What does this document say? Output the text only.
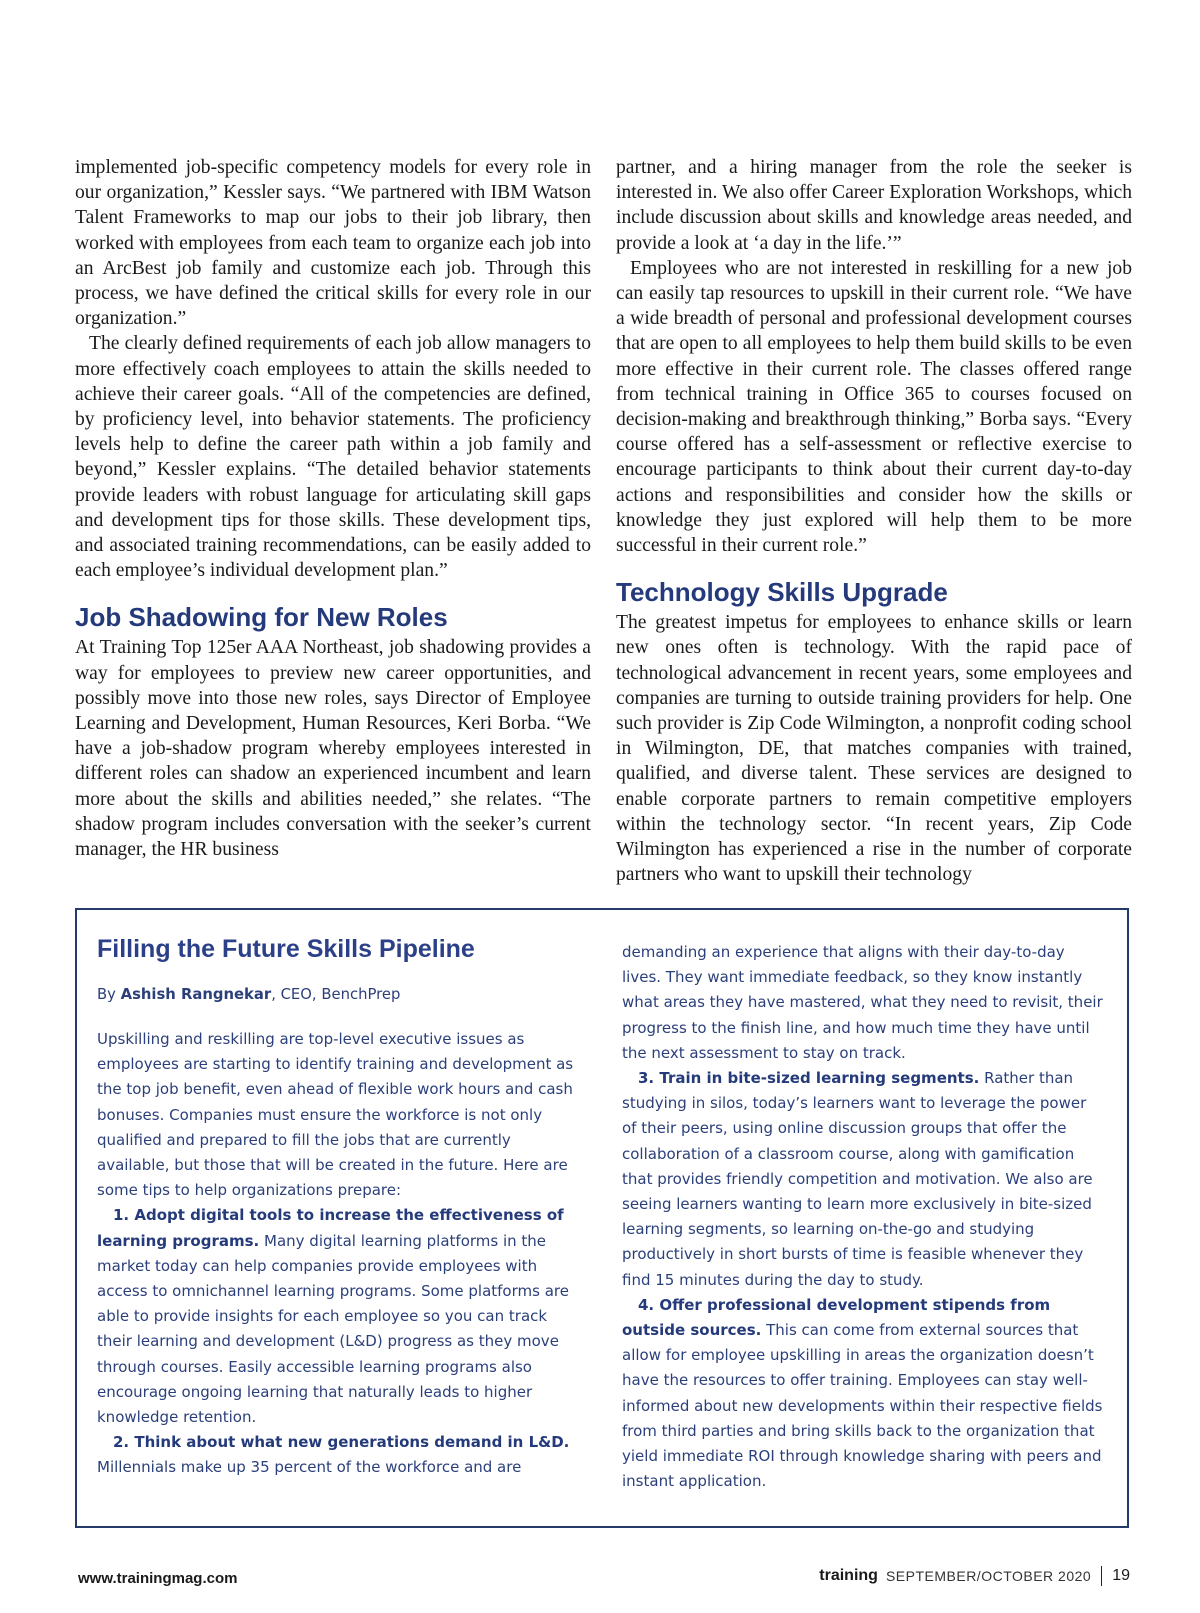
implemented job-specific competency models for every role in our organization,” Kessler says. “We partnered with IBM Watson Talent Frameworks to map our jobs to their job library, then worked with employees from each team to organize each job into an ArcBest job family and customize each job. Through this process, we have defined the critical skills for every role in our organization.”

The clearly defined requirements of each job allow managers to more effectively coach employees to attain the skills needed to achieve their career goals. “All of the competencies are defined, by proficiency level, into behavior statements. The proficiency levels help to define the career path within a job family and beyond,” Kessler explains. “The detailed behavior statements provide leaders with robust language for articulating skill gaps and development tips for those skills. These development tips, and associated training recommendations, can be easily added to each employee’s individual development plan.”

Job Shadowing for New Roles

At Training Top 125er AAA Northeast, job shadowing provides a way for employees to preview new career opportunities, and possibly move into those new roles, says Director of Employee Learning and Development, Human Resources, Keri Borba. “We have a job-shadow program whereby employees interested in different roles can shadow an experienced incumbent and learn more about the skills and abilities needed,” she relates. “The shadow program includes conversation with the seeker’s current manager, the HR business

partner, and a hiring manager from the role the seeker is interested in. We also offer Career Exploration Workshops, which include discussion about skills and knowledge areas needed, and provide a look at ‘a day in the life.’”

Employees who are not interested in reskilling for a new job can easily tap resources to upskill in their current role. “We have a wide breadth of personal and professional development courses that are open to all employees to help them build skills to be even more effective in their current role. The classes offered range from technical training in Office 365 to courses focused on decision-making and breakthrough thinking,” Borba says. “Every course offered has a self-assessment or reflective exercise to encourage participants to think about their current day-to-day actions and responsibilities and consider how the skills or knowledge they just explored will help them to be more successful in their current role.”

Technology Skills Upgrade

The greatest impetus for employees to enhance skills or learn new ones often is technology. With the rapid pace of technological advancement in recent years, some employees and companies are turning to outside training providers for help. One such provider is Zip Code Wilmington, a nonprofit coding school in Wilmington, DE, that matches companies with trained, qualified, and diverse talent. These services are designed to enable corporate partners to remain competitive employers within the technology sector. “In recent years, Zip Code Wilmington has experienced a rise in the number of corporate partners who want to upskill their technology

Filling the Future Skills Pipeline

By Ashish Rangnekar, CEO, BenchPrep

Upskilling and reskilling are top-level executive issues as employees are starting to identify training and development as the top job benefit, even ahead of flexible work hours and cash bonuses. Companies must ensure the workforce is not only qualified and prepared to fill the jobs that are currently available, but those that will be created in the future. Here are some tips to help organizations prepare:

1. Adopt digital tools to increase the effectiveness of learning programs. Many digital learning platforms in the market today can help companies provide employees with access to omnichannel learning programs. Some platforms are able to provide insights for each employee so you can track their learning and development (L&D) progress as they move through courses. Easily accessible learning programs also encourage ongoing learning that naturally leads to higher knowledge retention.

2. Think about what new generations demand in L&D. Millennials make up 35 percent of the workforce and are

demanding an experience that aligns with their day-to-day lives. They want immediate feedback, so they know instantly what areas they have mastered, what they need to revisit, their progress to the finish line, and how much time they have until the next assessment to stay on track.

3. Train in bite-sized learning segments. Rather than studying in silos, today’s learners want to leverage the power of their peers, using online discussion groups that offer the collaboration of a classroom course, along with gamification that provides friendly competition and motivation. We also are seeing learners wanting to learn more exclusively in bite-sized learning segments, so learning on-the-go and studying productively in short bursts of time is feasible whenever they find 15 minutes during the day to study.

4. Offer professional development stipends from outside sources. This can come from external sources that allow for employee upskilling in areas the organization doesn’t have the resources to offer training. Employees can stay well-informed about new developments within their respective fields from third parties and bring skills back to the organization that yield immediate ROI through knowledge sharing with peers and instant application.

www.trainingmag.com	training SEPTEMBER/OCTOBER 2020 19
